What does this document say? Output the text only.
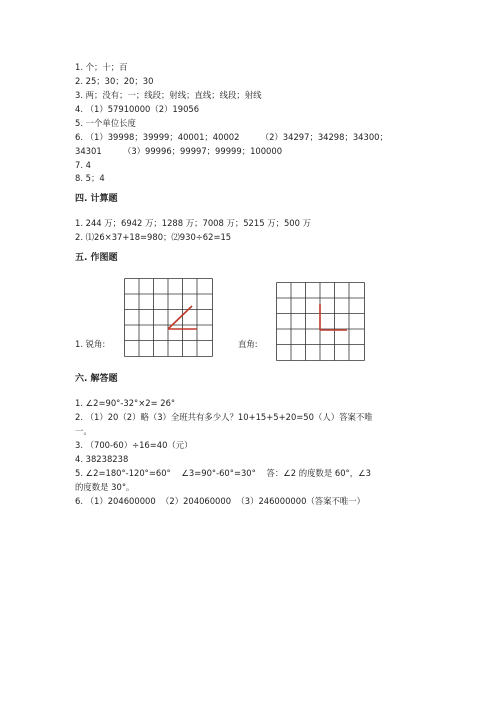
1. 个；十；百
2. 25；30；20；30
3. 两；没有；一；线段；射线；直线；线段；射线
4. （1）57910000（2）19056
5. 一个单位长度
6. （1）39998；39999；40001；40002        （2）34297；34298；34300；
34301        （3）99996；99997；99999；100000
7. 4
8. 5；4
四. 计算题
1. 244 万；6942 万；1288 万；7008 万；5215 万；500 万
2. ⑴26×37+18=980；⑵930÷62=15
五. 作图题
1. 锐角:	直角:
六. 解答题
1. ∠2=90°-32°×2= 26°
2. （1）20（2）略（3）全班共有多少人？10+15+5+20=50（人）答案不唯
一。
3. （700-60）÷16=40（元）
4. 38238238
5. ∠2=180°-120°=60°    ∠3=90°-60°=30°    答：∠2 的度数是 60°，∠3
的度数是 30°。
6. （1）204600000  （2）204060000  （3）246000000（答案不唯一）
